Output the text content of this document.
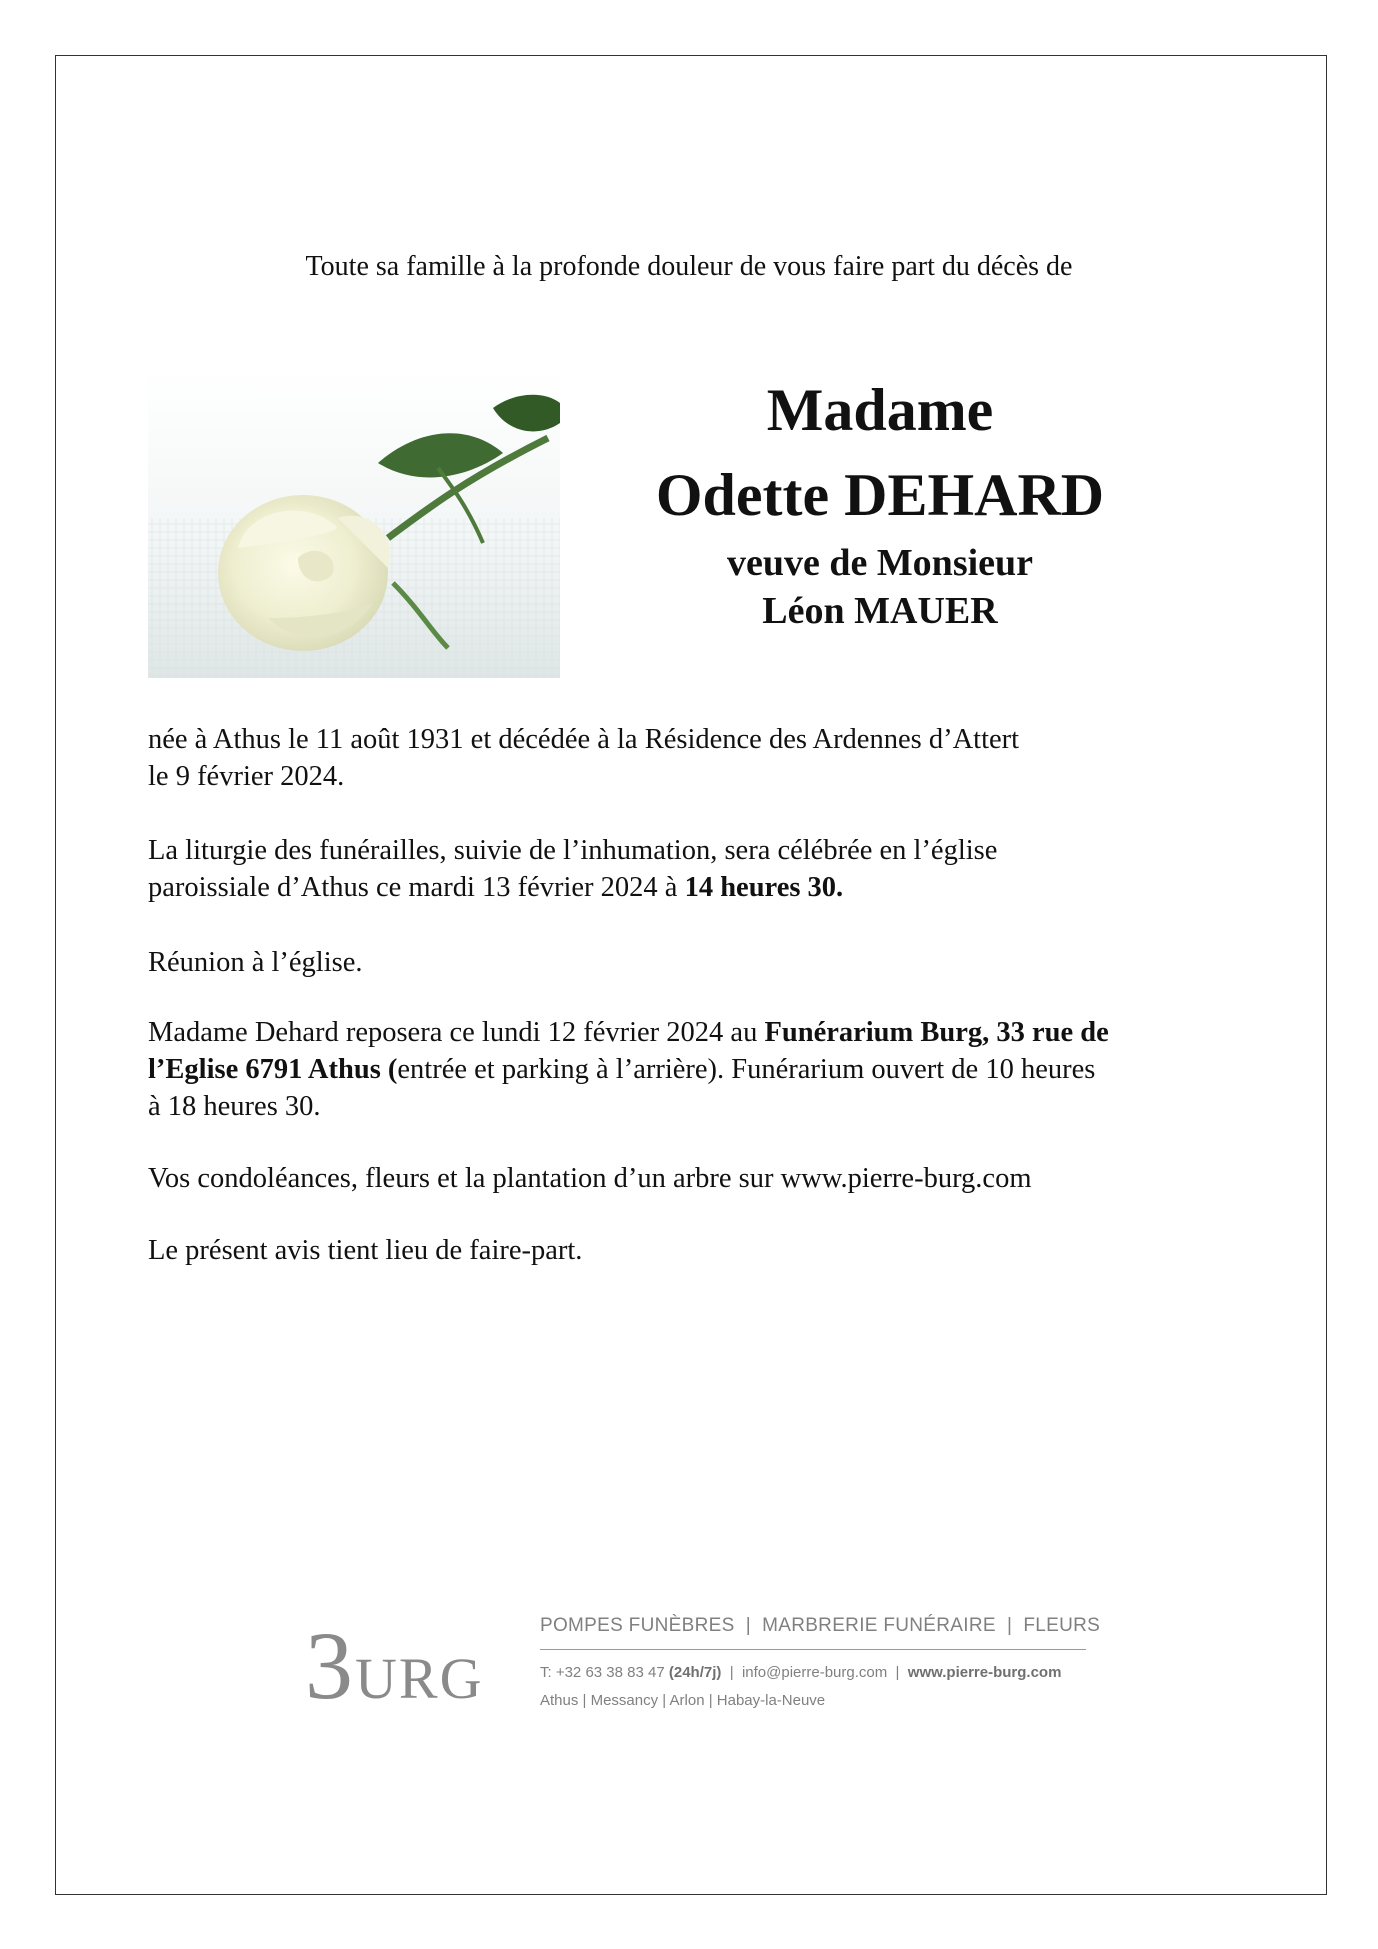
Toute sa famille à la profonde douleur de vous faire part du décès de
Madame
Odette DEHARD
veuve de Monsieur
Léon MAUER
née à Athus le 11 août 1931 et décédée à la Résidence des Ardennes d’Attert
le 9 février 2024.
La liturgie des funérailles, suivie de l’inhumation, sera célébrée en l’église
paroissiale d’Athus ce mardi 13 février 2024 à 14 heures 30.
Réunion à l’église.
Madame Dehard reposera ce lundi 12 février 2024 au Funérarium Burg, 33 rue de
l’Eglise 6791 Athus (entrée et parking à l’arrière). Funérarium ouvert de 10 heures
à 18 heures 30.
Vos condoléances, fleurs et la plantation d’un arbre sur www.pierre-burg.com
Le présent avis tient lieu de faire-part.
3 URG
POMPES FUNÈBRES  |  MARBRERIE FUNÉRAIRE  |  FLEURS
T: +32 63 38 83 47 (24h/7j)  |  info@pierre-burg.com  |  www.pierre-burg.com
Athus | Messancy | Arlon | Habay-la-Neuve
